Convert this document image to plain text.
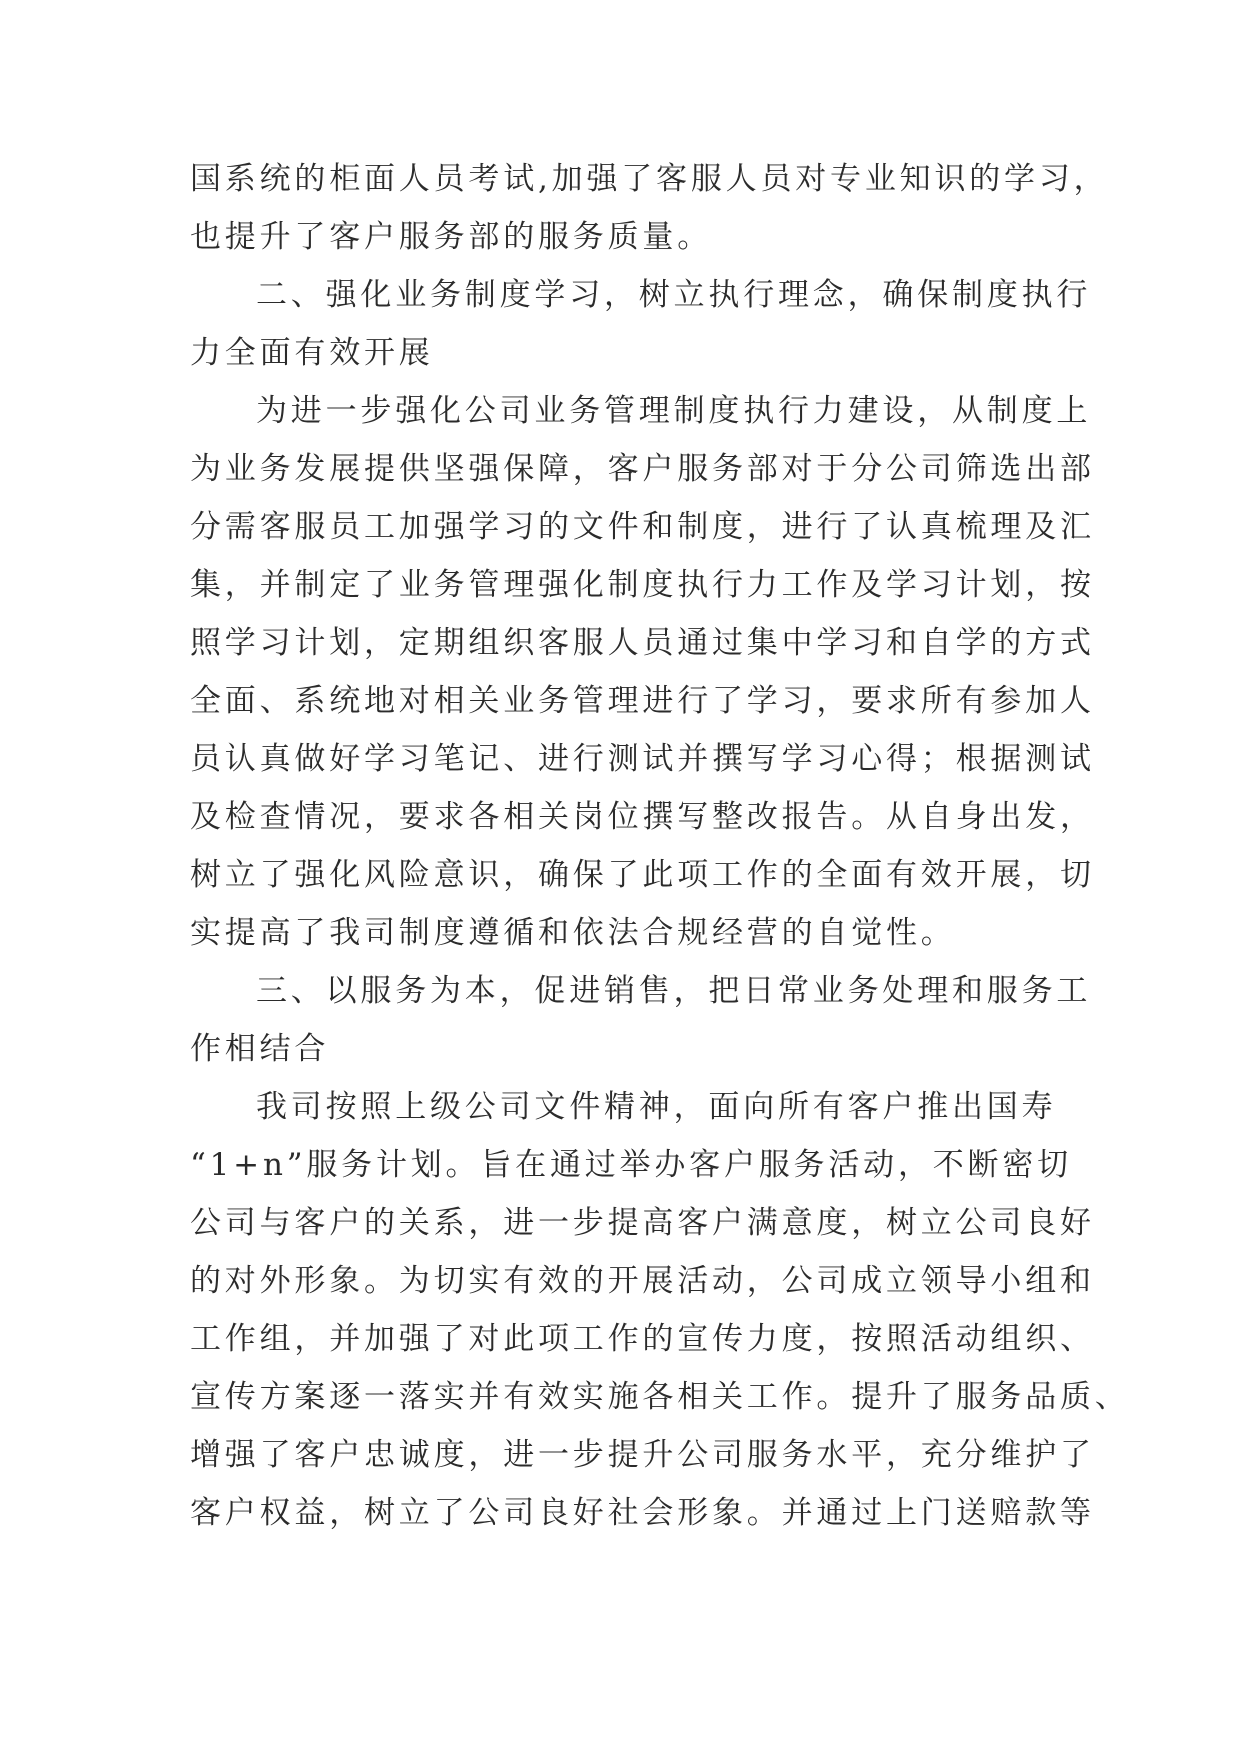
国系统的柜面人员考试,加强了客服人员对专业知识的学习，
也提升了客户服务部的服务质量。
二、强化业务制度学习，树立执行理念，确保制度执行
力全面有效开展
为进一步强化公司业务管理制度执行力建设，从制度上
为业务发展提供坚强保障，客户服务部对于分公司筛选出部
分需客服员工加强学习的文件和制度，进行了认真梳理及汇
集，并制定了业务管理强化制度执行力工作及学习计划，按
照学习计划，定期组织客服人员通过集中学习和自学的方式
全面、系统地对相关业务管理进行了学习，要求所有参加人
员认真做好学习笔记、进行测试并撰写学习心得；根据测试
及检查情况，要求各相关岗位撰写整改报告。从自身出发，
树立了强化风险意识，确保了此项工作的全面有效开展，切
实提高了我司制度遵循和依法合规经营的自觉性。
三、以服务为本，促进销售，把日常业务处理和服务工
作相结合
我司按照上级公司文件精神，面向所有客户推出国寿
“1+n”服务计划。旨在通过举办客户服务活动，不断密切
公司与客户的关系，进一步提高客户满意度，树立公司良好
的对外形象。为切实有效的开展活动，公司成立领导小组和
工作组，并加强了对此项工作的宣传力度，按照活动组织、
宣传方案逐一落实并有效实施各相关工作。提升了服务品质、
增强了客户忠诚度，进一步提升公司服务水平，充分维护了
客户权益，树立了公司良好社会形象。并通过上门送赔款等
